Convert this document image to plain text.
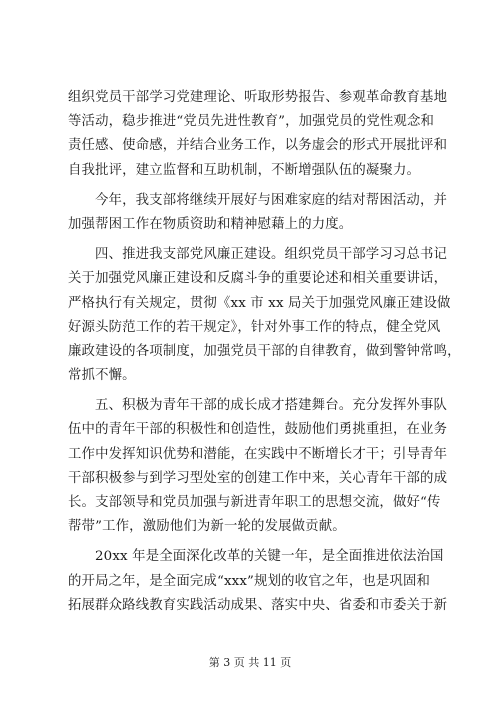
组织党员干部学习党建理论、听取形势报告、参观革命教育基地
等活动，稳步推进“党员先进性教育”，加强党员的党性观念和
责任感、使命感，并结合业务工作，以务虚会的形式开展批评和
自我批评，建立监督和互助机制，不断增强队伍的凝聚力。
今年，我支部将继续开展好与困难家庭的结对帮困活动，并
加强帮困工作在物质资助和精神慰藉上的力度。
四、推进我支部党风廉正建设。组织党员干部学习习总书记
关于加强党风廉正建设和反腐斗争的重要论述和相关重要讲话，
严格执行有关规定，贯彻《xx 市 xx 局关于加强党风廉正建设做
好源头防范工作的若干规定》，针对外事工作的特点，健全党风
廉政建设的各项制度，加强党员干部的自律教育，做到警钟常鸣，
常抓不懈。
五、积极为青年干部的成长成才搭建舞台。充分发挥外事队
伍中的青年干部的积极性和创造性，鼓励他们勇挑重担，在业务
工作中发挥知识优势和潜能，在实践中不断增长才干；引导青年
干部积极参与到学习型处室的创建工作中来，关心青年干部的成
长。支部领导和党员加强与新进青年职工的思想交流，做好“传
帮带”工作，激励他们为新一轮的发展做贡献。
20xx 年是全面深化改革的关键一年，是全面推进依法治国
的开局之年，是全面完成“xxx”规划的收官之年，也是巩固和
拓展群众路线教育实践活动成果、落实中央、省委和市委关于新
第 3 页 共 11 页
